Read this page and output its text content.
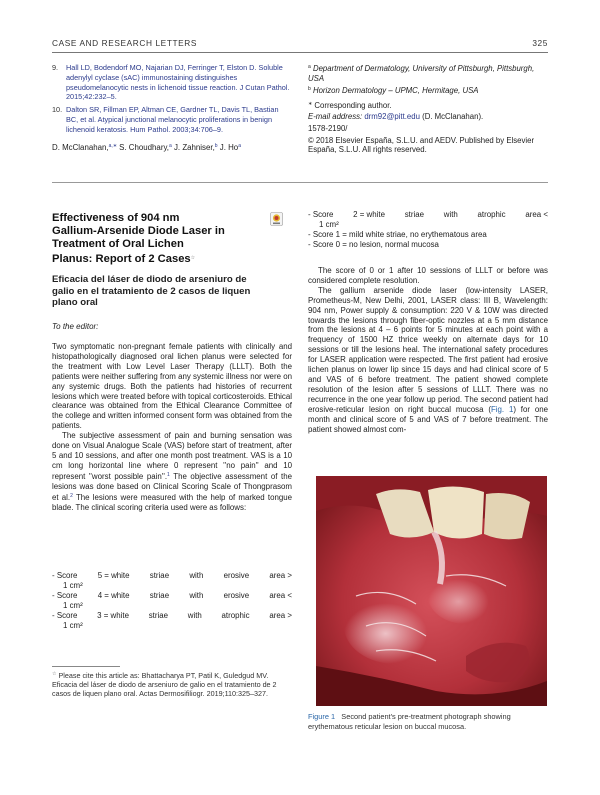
CASE AND RESEARCH LETTERS	325
9. Hall LD, Bodendorf MO, Najarian DJ, Ferringer T, Elston D. Soluble adenylyl cyclase (sAC) immunostaining distinguishes pseudomelanocytic nests in lichenoid tissue reaction. J Cutan Pathol. 2015;42:232–5.
10. Dalton SR, Fillman EP, Altman CE, Gardner TL, Davis TL, Bastian BC, et al. Atypical junctional melanocytic proliferations in benign lichenoid keratosis. Hum Pathol. 2003;34:706–9.
D. McClanahan,$^{a,∗}$ S. Choudhary,$^a$ J. Zahniser,$^b$ J. Ho$^a$

$^a$ Department of Dermatology, University of Pittsburgh, Pittsburgh, USA

$^b$ Horizon Dermatology – UPMC, Hermitage, USA

∗ Corresponding author.

E-mail address: drm92@pitt.edu (D. McClanahan).

1578-2190/

© 2018 Elsevier España, S.L.U. and AEDV. Published by Elsevier España, S.L.U. All rights reserved.

Effectiveness of 904 nm
Gallium-Arsenide Diode Laser in
Treatment of Oral Lichen
Planus: Report of 2 Cases☆
Eficacia del láser de diodo de arseniuro de
galio en el tratamiento de 2 casos de liquen
plano oral
To the editor:

Two symptomatic non-pregnant female patients with clinically and histopathologically diagnosed oral lichen planus were selected for the treatment with Low Level Laser Therapy (LLLT). Both the patients were neither suffering from any systemic illness nor were on any systemic drugs. Both the patients had histories of recurrent lesions which were treated before with topical corticosteroids. Ethical clearance was obtained from the Ethical Clearance Committee of the college and written informed consent form was obtained from the patients.

The subjective assessment of pain and burning sensation was done on Visual Analogue Scale (VAS) before start of treatment, after 5 and 10 sessions, and after one month post treatment. VAS is a 10 cm long horizontal line where 0 represent ''no pain'' and 10 represent ''worst possible pain''.$^1$ The objective assessment of the lesions was done based on Clinical Scoring Scale of Thongprasom et al.$^2$ The lesions were measured with the help of marked tongue blade. The clinical scoring criteria used were as follows:

- Score	5 = white	striae	with	erosive	area >
1 cm²
- Score	4 = white	striae	with	erosive	area <
1 cm²
- Score 3 = white striae with atrophic area >
1 cm²
☆ Please cite this article as: Bhattacharya PT, Patil K, Guledgud MV. Eficacia del láser de diodo de arseniuro de galio en el tratamiento de 2 casos de liquen plano oral. Actas Dermosifiliogr. 2019;110:325–327.
- Score 2 = white striae with atrophic area <
1 cm²
- Score 1 = mild white striae, no erythematous area
- Score 0 = no lesion, normal mucosa

The score of 0 or 1 after 10 sessions of LLLT or before was considered complete resolution.

The gallium arsenide diode laser (low-intensity LASER, Prometheus-M, New Delhi, 2001, LASER class: III B, Wavelength: 904 nm, Power supply & consumption: 220 V & 10W was directed towards the lesions through fiber-optic nozzles at a 5 mm distance from the lesions at 4 – 6 points for 5 minutes at each point with a frequency of 1500 HZ thrice weekly on alternate days for 10 sessions or till the lesions heal. The international safety procedures for LASER application were respected. The first patient had erosive lichen planus on lower lip since 15 days and had clinical score of 5 and VAS of 6 before treatment. The patient showed complete resolution of the lesion after 5 sessions of LLLT. There was no recurrence in the one year follow up period. The second patient had erosive-reticular lesion on right buccal mucosa (Fig. 1) for one month and clinical score of 5 and VAS of 7 before treatment. The patient showed almost com-

Figure 1 Second patient's pre-treatment photograph showing erythematous reticular lesion on buccal mucosa.
